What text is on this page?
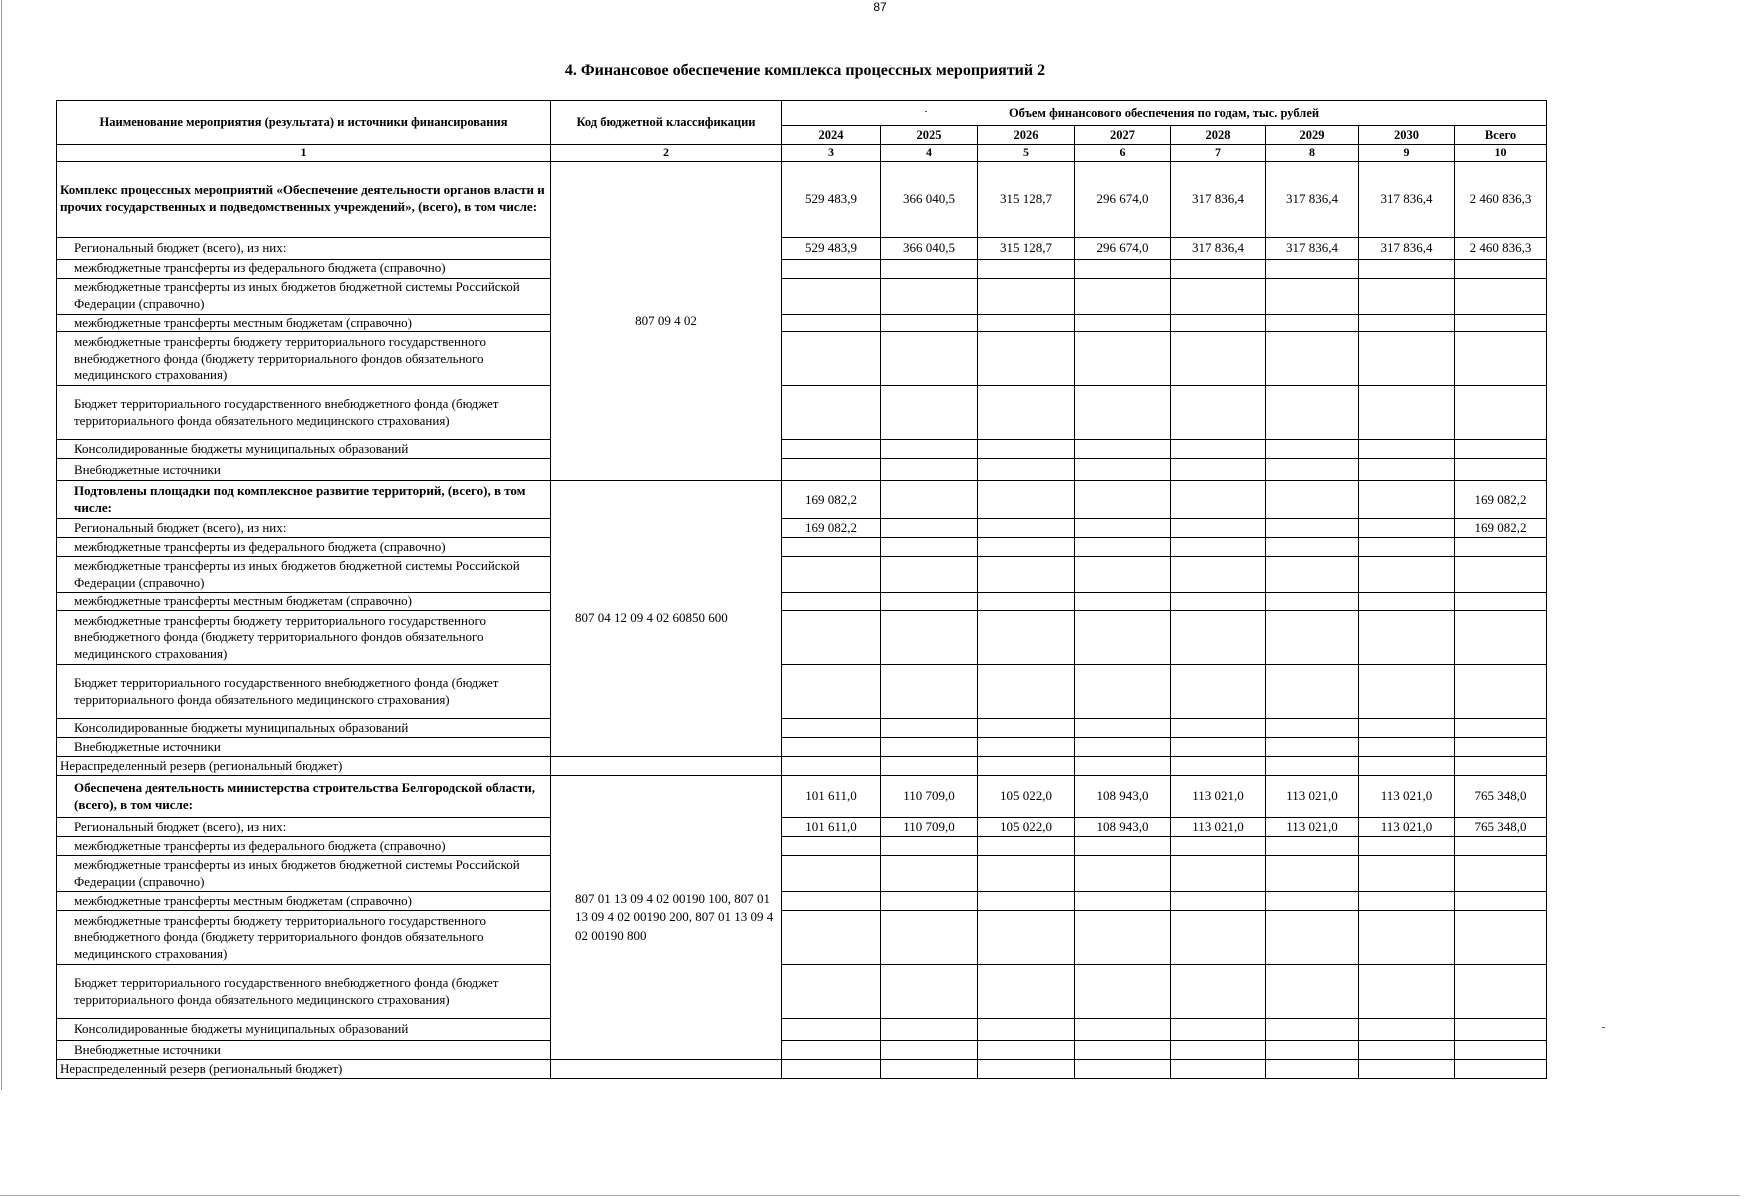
87
4. Финансовое обеспечение комплекса процессных мероприятий 2
Наименование мероприятия (результата) и источники финансирования	Код бюджетной классификации	Объем финансового обеспечения по годам, тыс. рублей							
		2024	2025	2026	2027	2028	2029	2030	Всего
1	2	3	4	5	6	7	8	9	10
Комплекс процессных мероприятий «Обеспечение деятельности органов власти и прочих государственных и подведомственных учреждений», (всего), в том числе:	807 09 4 02	529 483,9	366 040,5	315 128,7	296 674,0	317 836,4	317 836,4	317 836,4	2 460 836,3
Региональный бюджет (всего), из них:		529 483,9	366 040,5	315 128,7	296 674,0	317 836,4	317 836,4	317 836,4	2 460 836,3
межбюджетные трансферты из федерального бюджета (справочно)									
межбюджетные трансферты из иных бюджетов бюджетной системы Российской Федерации (справочно)									
межбюджетные трансферты местным бюджетам (справочно)									
межбюджетные трансферты бюджету территориального государственного внебюджетного фонда (бюджету территориального фондов обязательного медицинского страхования)									
Бюджет территориального государственного внебюджетного фонда (бюджет территориального фонда обязательного медицинского страхования)									
Консолидированные бюджеты муниципальных образований									
Внебюджетные источники									
Подтовлены площадки под комплексное развитие территорий, (всего), в том числе:	807 04 12 09 4 02 60850 600	169 082,2							169 082,2
Региональный бюджет (всего), из них:		169 082,2							169 082,2
межбюджетные трансферты из федерального бюджета (справочно)									
межбюджетные трансферты из иных бюджетов бюджетной системы Российской Федерации (справочно)									
межбюджетные трансферты местным бюджетам (справочно)									
межбюджетные трансферты бюджету территориального государственного внебюджетного фонда (бюджету территориального фондов обязательного медицинского страхования)									
Бюджет территориального государственного внебюджетного фонда (бюджет территориального фонда обязательного медицинского страхования)									
Консолидированные бюджеты муниципальных образований									
Внебюджетные источники									
Нераспределенный резерв (региональный бюджет)									
Обеспечена деятельность министерства строительства Белгородской области, (всего), в том числе:	807 01 13 09 4 02 00190 100, 807 01 13 09 4 02 00190 200, 807 01 13 09 4 02 00190 800	101 611,0	110 709,0	105 022,0	108 943,0	113 021,0	113 021,0	113 021,0	765 348,0
Региональный бюджет (всего), из них:		101 611,0	110 709,0	105 022,0	108 943,0	113 021,0	113 021,0	113 021,0	765 348,0
межбюджетные трансферты из федерального бюджета (справочно)									
межбюджетные трансферты из иных бюджетов бюджетной системы Российской Федерации (справочно)									
межбюджетные трансферты местным бюджетам (справочно)									
межбюджетные трансферты бюджету территориального государственного внебюджетного фонда (бюджету территориального фондов обязательного медицинского страхования)									
Бюджет территориального государственного внебюджетного фонда (бюджет территориального фонда обязательного медицинского страхования)									
Консолидированные бюджеты муниципальных образований									
Внебюджетные источники									
Нераспределенный резерв (региональный бюджет)									
